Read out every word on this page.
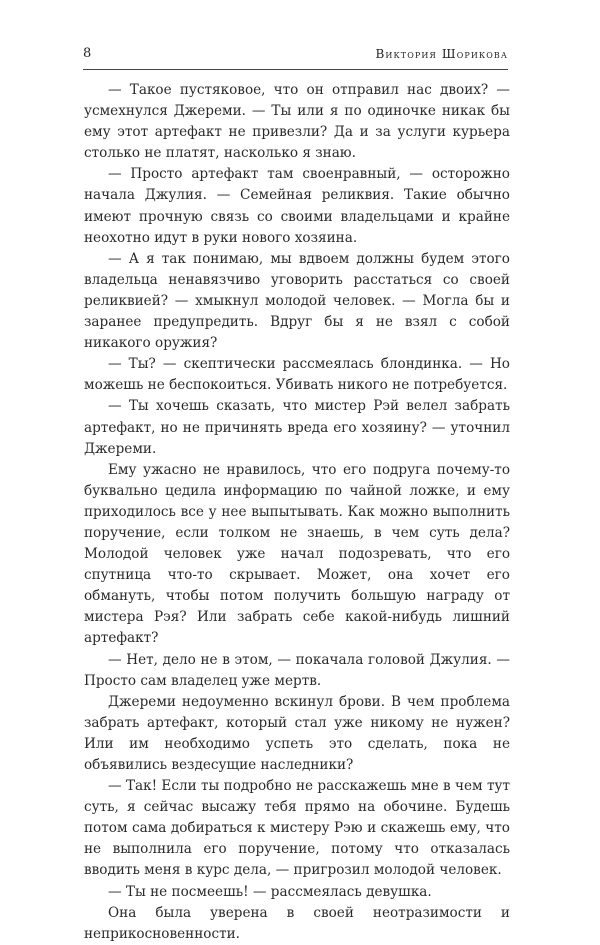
8	Виктория Шорикова

— Такое пустяковое, что он отправил нас двоих? — усмехнулся Джереми. — Ты или я по одиночке никак бы ему этот артефакт не привезли? Да и за услуги курьера столько не платят, насколько я знаю.

— Просто артефакт там своенравный, — осторожно начала Джулия. — Семейная реликвия. Такие обычно имеют прочную связь со своими владельцами и крайне неохотно идут в руки нового хозяина.

— А я так понимаю, мы вдвоем должны будем этого владельца ненавязчиво уговорить расстаться со своей реликвией? — хмыкнул молодой человек. — Могла бы и заранее предупредить. Вдруг бы я не взял с собой никакого оружия?

— Ты? — скептически рассмеялась блондинка. — Но можешь не беспокоиться. Убивать никого не потребуется.

— Ты хочешь сказать, что мистер Рэй велел забрать артефакт, но не причинять вреда его хозяину? — уточнил Джереми.

Ему ужасно не нравилось, что его подруга почему-то буквально цедила информацию по чайной ложке, и ему приходилось все у нее выпытывать. Как можно выполнить поручение, если толком не знаешь, в чем суть дела? Молодой человек уже начал подозревать, что его спутница что-то скрывает. Может, она хочет его обмануть, чтобы потом получить большую награду от мистера Рэя? Или забрать себе какой-нибудь лишний артефакт?

— Нет, дело не в этом, — покачала головой Джулия. — Просто сам владелец уже мертв.

Джереми недоуменно вскинул брови. В чем проблема забрать артефакт, который стал уже никому не нужен? Или им необходимо успеть это сделать, пока не объявились вездесущие наследники?

— Так! Если ты подробно не расскажешь мне в чем тут суть, я сейчас высажу тебя прямо на обочине. Будешь потом сама добираться к мистеру Рэю и скажешь ему, что не выполнила его поручение, потому что отказалась вводить меня в курс дела, — пригрозил молодой человек.

— Ты не посмеешь! — рассмеялась девушка.

Она была уверена в своей неотразимости и неприкосновенности.
